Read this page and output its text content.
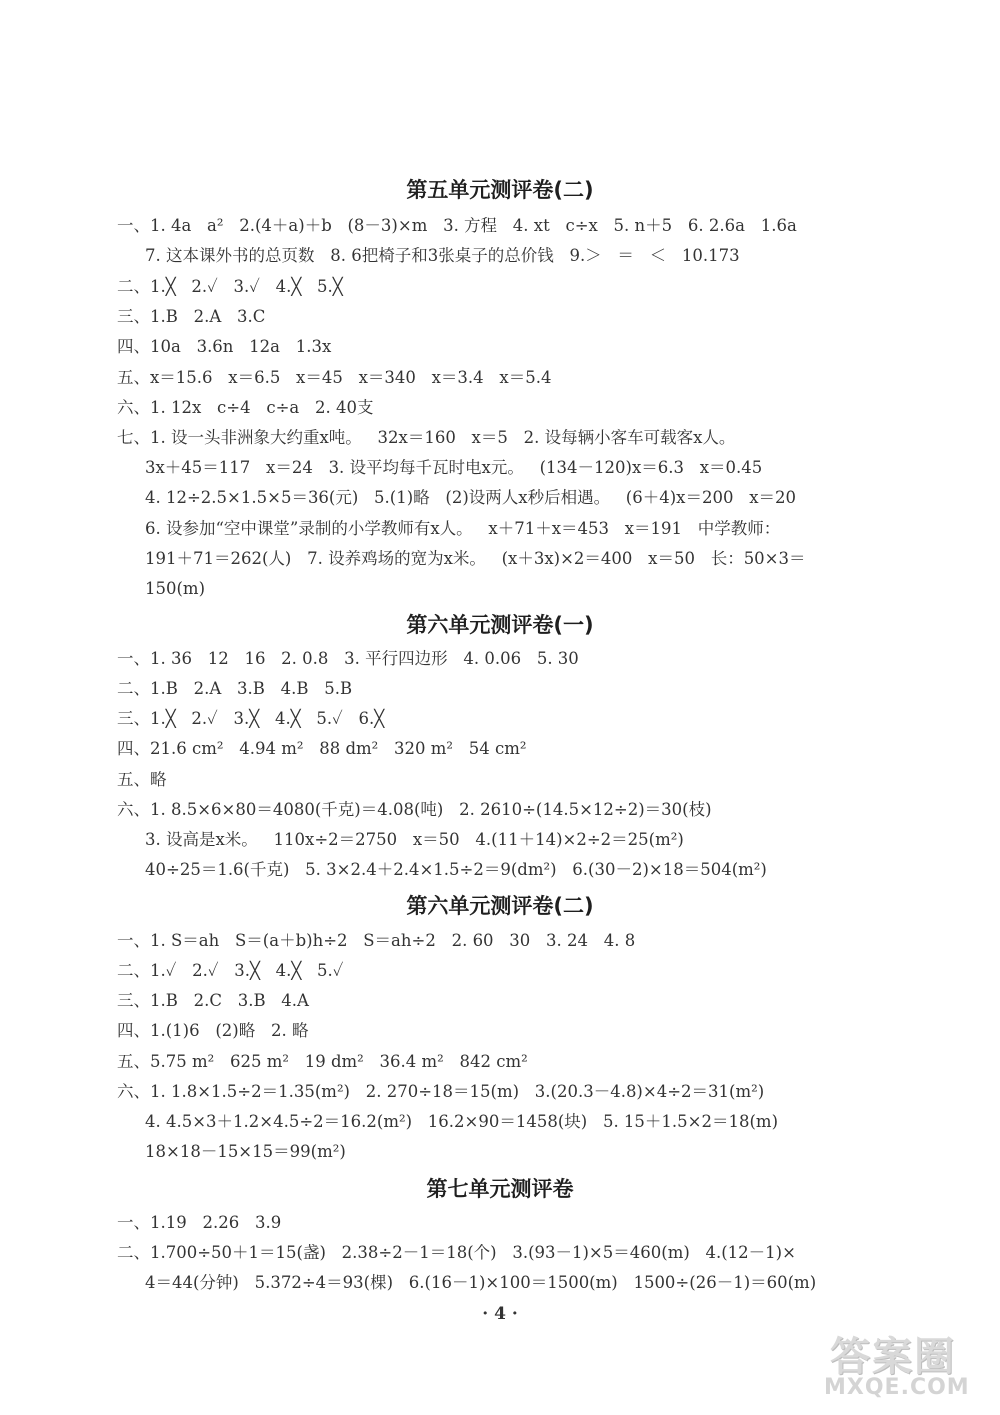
第五单元测评卷(二)
一、1. 4a   a²   2.(4＋a)＋b   (8－3)×m   3. 方程   4. xt   c÷x   5. n＋5   6. 2.6a   1.6a
7. 这本课外书的总页数   8. 6把椅子和3张桌子的总价钱   9.＞   ＝   ＜   10.173
二、1.╳   2.✓   3.✓   4.╳   5.╳
三、1.B   2.A   3.C
四、10a   3.6n   12a   1.3x
五、x＝15.6   x＝6.5   x＝45   x＝340   x＝3.4   x＝5.4
六、1. 12x   c÷4   c÷a   2. 40支
七、1. 设一头非洲象大约重x吨。   32x＝160   x＝5   2. 设每辆小客车可载客x人。
3x＋45＝117   x＝24   3. 设平均每千瓦时电x元。   (134－120)x＝6.3   x＝0.45
4. 12÷2.5×1.5×5＝36(元)   5.(1)略   (2)设两人x秒后相遇。   (6＋4)x＝200   x＝20
6. 设参加“空中课堂”录制的小学教师有x人。   x＋71＋x＝453   x＝191   中学教师：
191＋71＝262(人)   7. 设养鸡场的宽为x米。   (x＋3x)×2＝400   x＝50   长：50×3＝
150(m)
第六单元测评卷(一)
一、1. 36   12   16   2. 0.8   3. 平行四边形   4. 0.06   5. 30
二、1.B   2.A   3.B   4.B   5.B
三、1.╳   2.✓   3.╳   4.╳   5.✓   6.╳
四、21.6 cm²   4.94 m²   88 dm²   320 m²   54 cm²
五、略
六、1. 8.5×6×80＝4080(千克)＝4.08(吨)   2. 2610÷(14.5×12÷2)＝30(枝)
3. 设高是x米。   110x÷2＝2750   x＝50   4.(11＋14)×2÷2＝25(m²)
40÷25＝1.6(千克)   5. 3×2.4＋2.4×1.5÷2＝9(dm²)   6.(30－2)×18＝504(m²)
第六单元测评卷(二)
一、1. S＝ah   S＝(a＋b)h÷2   S＝ah÷2   2. 60   30   3. 24   4. 8
二、1.✓   2.✓   3.╳   4.╳   5.✓
三、1.B   2.C   3.B   4.A
四、1.(1)6   (2)略   2. 略
五、5.75 m²   625 m²   19 dm²   36.4 m²   842 cm²
六、1. 1.8×1.5÷2＝1.35(m²)   2. 270÷18＝15(m)   3.(20.3－4.8)×4÷2＝31(m²)
4. 4.5×3＋1.2×4.5÷2＝16.2(m²)   16.2×90＝1458(块)   5. 15＋1.5×2＝18(m)
18×18－15×15＝99(m²)
第七单元测评卷
一、1.19   2.26   3.9
二、1.700÷50＋1＝15(盏)   2.38÷2－1＝18(个)   3.(93－1)×5＝460(m)   4.(12－1)×
4＝44(分钟)   5.372÷4＝93(棵)   6.(16－1)×100＝1500(m)   1500÷(26－1)＝60(m)
· 4 ·
答案圈
MXQE.COM
